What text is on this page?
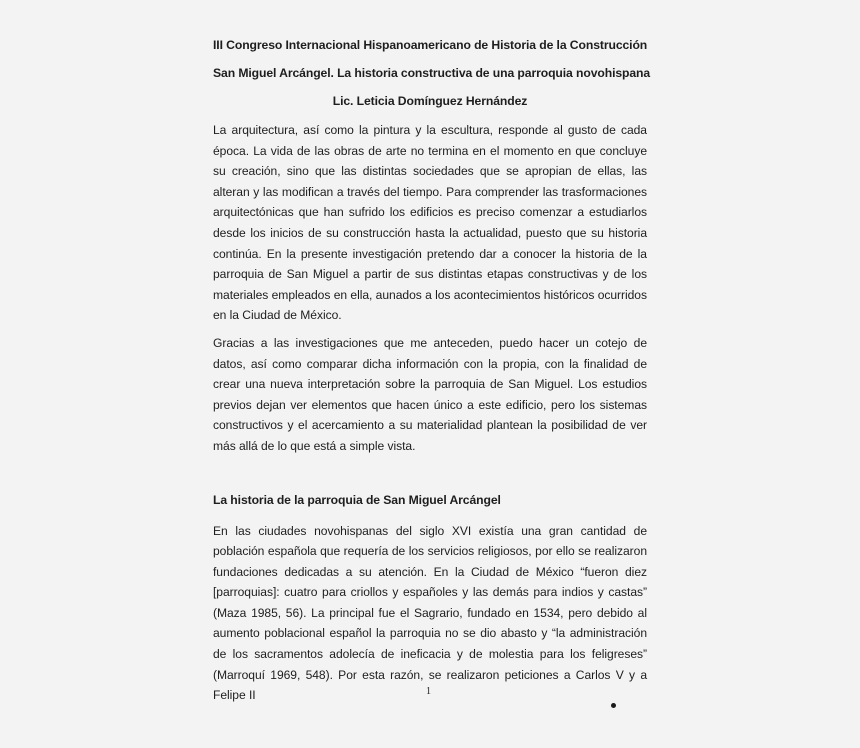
III Congreso Internacional Hispanoamericano de Historia de la Construcción
San Miguel Arcángel. La historia constructiva de una parroquia novohispana
Lic. Leticia Domínguez Hernández

La arquitectura, así como la pintura y la escultura, responde al gusto de cada época. La vida de las obras de arte no termina en el momento en que concluye su creación, sino que las distintas sociedades que se apropian de ellas, las alteran y las modifican a través del tiempo. Para comprender las trasformaciones arquitectónicas que han sufrido los edificios es preciso comenzar a estudiarlos desde los inicios de su construcción hasta la actualidad, puesto que su historia continúa. En la presente investigación pretendo dar a conocer la historia de la parroquia de San Miguel a partir de sus distintas etapas constructivas y de los materiales empleados en ella, aunados a los acontecimientos históricos ocurridos en la Ciudad de México.

Gracias a las investigaciones que me anteceden, puedo hacer un cotejo de datos, así como comparar dicha información con la propia, con la finalidad de crear una nueva interpretación sobre la parroquia de San Miguel. Los estudios previos dejan ver elementos que hacen único a este edificio, pero los sistemas constructivos y el acercamiento a su materialidad plantean la posibilidad de ver más allá de lo que está a simple vista.

La historia de la parroquia de San Miguel Arcángel

En las ciudades novohispanas del siglo XVI existía una gran cantidad de población española que requería de los servicios religiosos, por ello se realizaron fundaciones dedicadas a su atención. En la Ciudad de México “fueron diez [parroquias]: cuatro para criollos y españoles y las demás para indios y castas” (Maza 1985, 56). La principal fue el Sagrario, fundado en 1534, pero debido al aumento poblacional español la parroquia no se dio abasto y “la administración de los sacramentos adolecía de ineficacia y de molestia para los feligreses” (Marroquí 1969, 548). Por esta razón, se realizaron peticiones a Carlos V y a Felipe II	1
